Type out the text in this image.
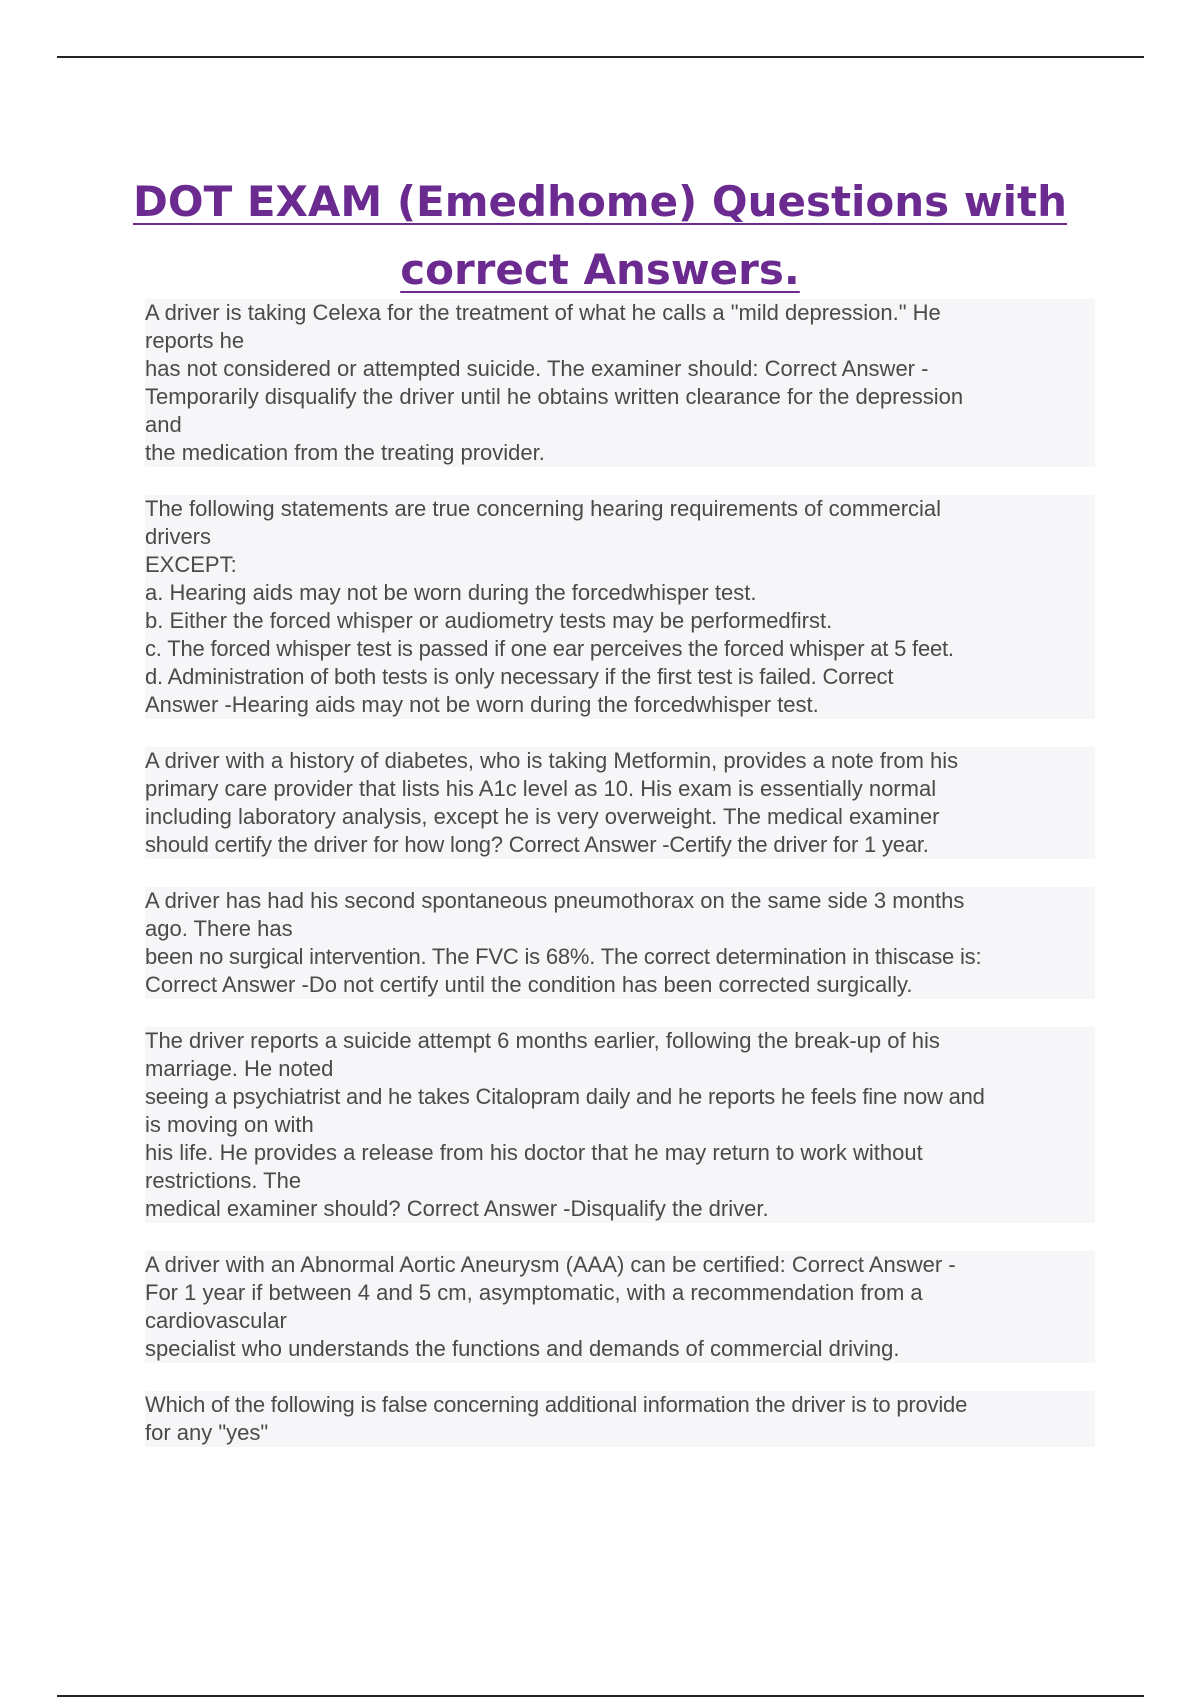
DOT EXAM (Emedhome) Questions with
correct Answers.
A driver is taking Celexa for the treatment of what he calls a "mild depression." He
reports he
has not considered or attempted suicide. The examiner should: Correct Answer -
Temporarily disqualify the driver until he obtains written clearance for the depression
and
the medication from the treating provider.
The following statements are true concerning hearing requirements of commercial
drivers
EXCEPT:
a. Hearing aids may not be worn during the forcedwhisper test.
b. Either the forced whisper or audiometry tests may be performedfirst.
c. The forced whisper test is passed if one ear perceives the forced whisper at 5 feet.
d. Administration of both tests is only necessary if the first test is failed. Correct
Answer -Hearing aids may not be worn during the forcedwhisper test.
A driver with a history of diabetes, who is taking Metformin, provides a note from his
primary care provider that lists his A1c level as 10. His exam is essentially normal
including laboratory analysis, except he is very overweight. The medical examiner
should certify the driver for how long? Correct Answer -Certify the driver for 1 year.
A driver has had his second spontaneous pneumothorax on the same side 3 months
ago. There has
been no surgical intervention. The FVC is 68%. The correct determination in thiscase is:
Correct Answer -Do not certify until the condition has been corrected surgically.
The driver reports a suicide attempt 6 months earlier, following the break-up of his
marriage. He noted
seeing a psychiatrist and he takes Citalopram daily and he reports he feels fine now and
is moving on with
his life. He provides a release from his doctor that he may return to work without
restrictions. The
medical examiner should? Correct Answer -Disqualify the driver.
A driver with an Abnormal Aortic Aneurysm (AAA) can be certified: Correct Answer -
For 1 year if between 4 and 5 cm, asymptomatic, with a recommendation from a
cardiovascular
specialist who understands the functions and demands of commercial driving.
Which of the following is false concerning additional information the driver is to provide
for any "yes"
